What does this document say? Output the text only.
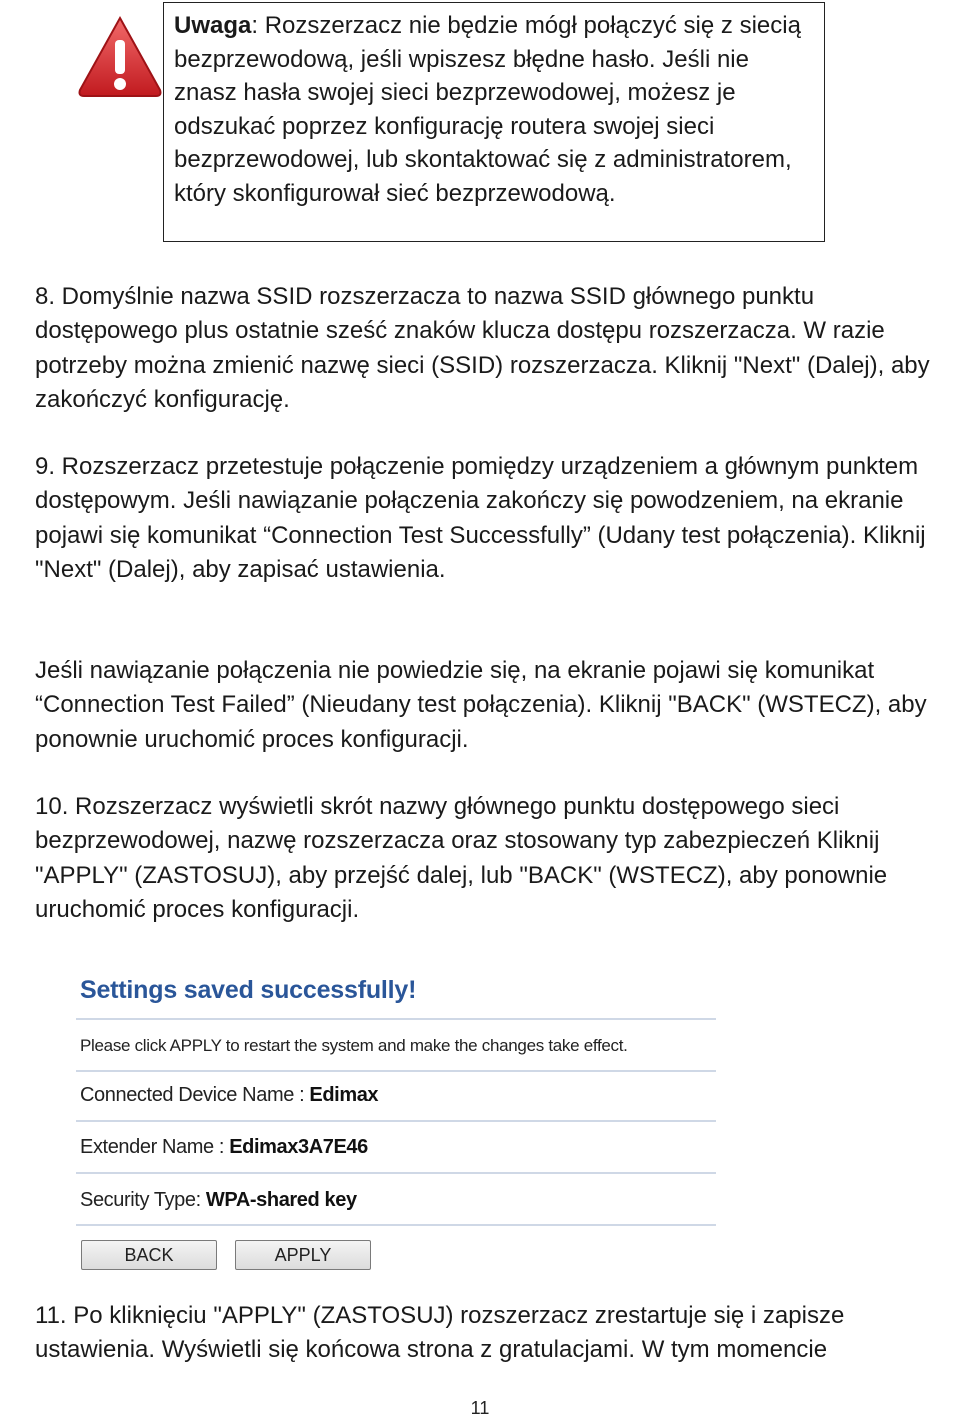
Uwaga: Rozszerzacz nie będzie mógł połączyć się z siecią bezprzewodową, jeśli wpiszesz błędne hasło. Jeśli nie znasz hasła swojej sieci bezprzewodowej, możesz je odszukać poprzez konfigurację routera swojej sieci bezprzewodowej, lub skontaktować się z administratorem, który skonfigurował sieć bezprzewodową.

8. Domyślnie nazwa SSID rozszerzacza to nazwa SSID głównego punktu dostępowego plus ostatnie sześć znaków klucza dostępu rozszerzacza. W razie potrzeby można zmienić nazwę sieci (SSID) rozszerzacza. Kliknij "Next" (Dalej), aby zakończyć konfigurację.

9. Rozszerzacz przetestuje połączenie pomiędzy urządzeniem a głównym punktem dostępowym. Jeśli nawiązanie połączenia zakończy się powodzeniem, na ekranie pojawi się komunikat “Connection Test Successfully” (Udany test połączenia). Kliknij "Next" (Dalej), aby zapisać ustawienia.

Jeśli nawiązanie połączenia nie powiedzie się, na ekranie pojawi się komunikat “Connection Test Failed” (Nieudany test połączenia). Kliknij "BACK" (WSTECZ), aby ponownie uruchomić proces konfiguracji.

10. Rozszerzacz wyświetli skrót nazwy głównego punktu dostępowego sieci bezprzewodowej, nazwę rozszerzacza oraz stosowany typ zabezpieczeń Kliknij "APPLY" (ZASTOSUJ), aby przejść dalej, lub "BACK" (WSTECZ), aby ponownie uruchomić proces konfiguracji.

Settings saved successfully!
Please click APPLY to restart the system and make the changes take effect.
Connected Device Name : Edimax
Extender Name : Edimax3A7E46
Security Type: WPA-shared key
BACK	APPLY

11. Po kliknięciu "APPLY" (ZASTOSUJ) rozszerzacz zrestartuje się i zapisze ustawienia. Wyświetli się końcowa strona z gratulacjami. W tym momencie

11
